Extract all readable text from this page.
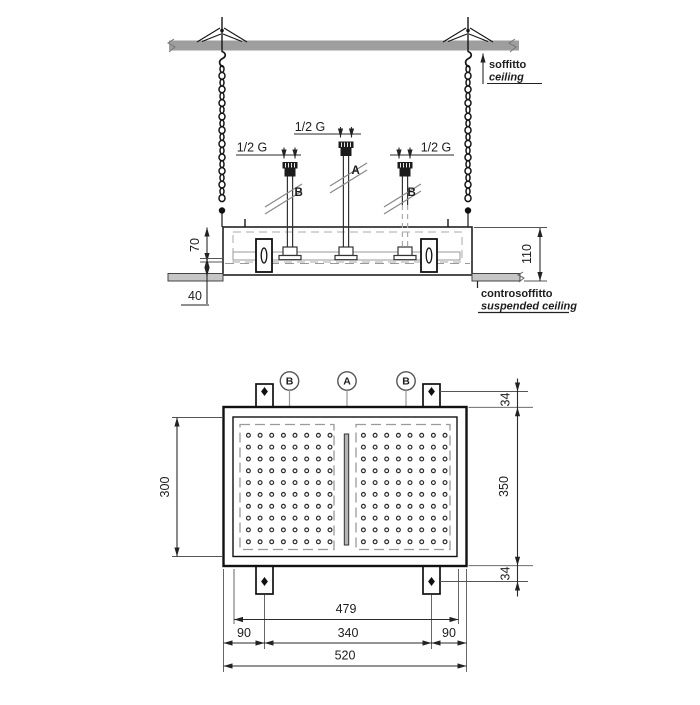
soffitto
ceiling
1/2 G
1/2 G	1/2 G
B
A
B
70	110
40	controsoffitto
suspended ceiling
B	A	B
300
34
350
34
479
90	340	90
520
